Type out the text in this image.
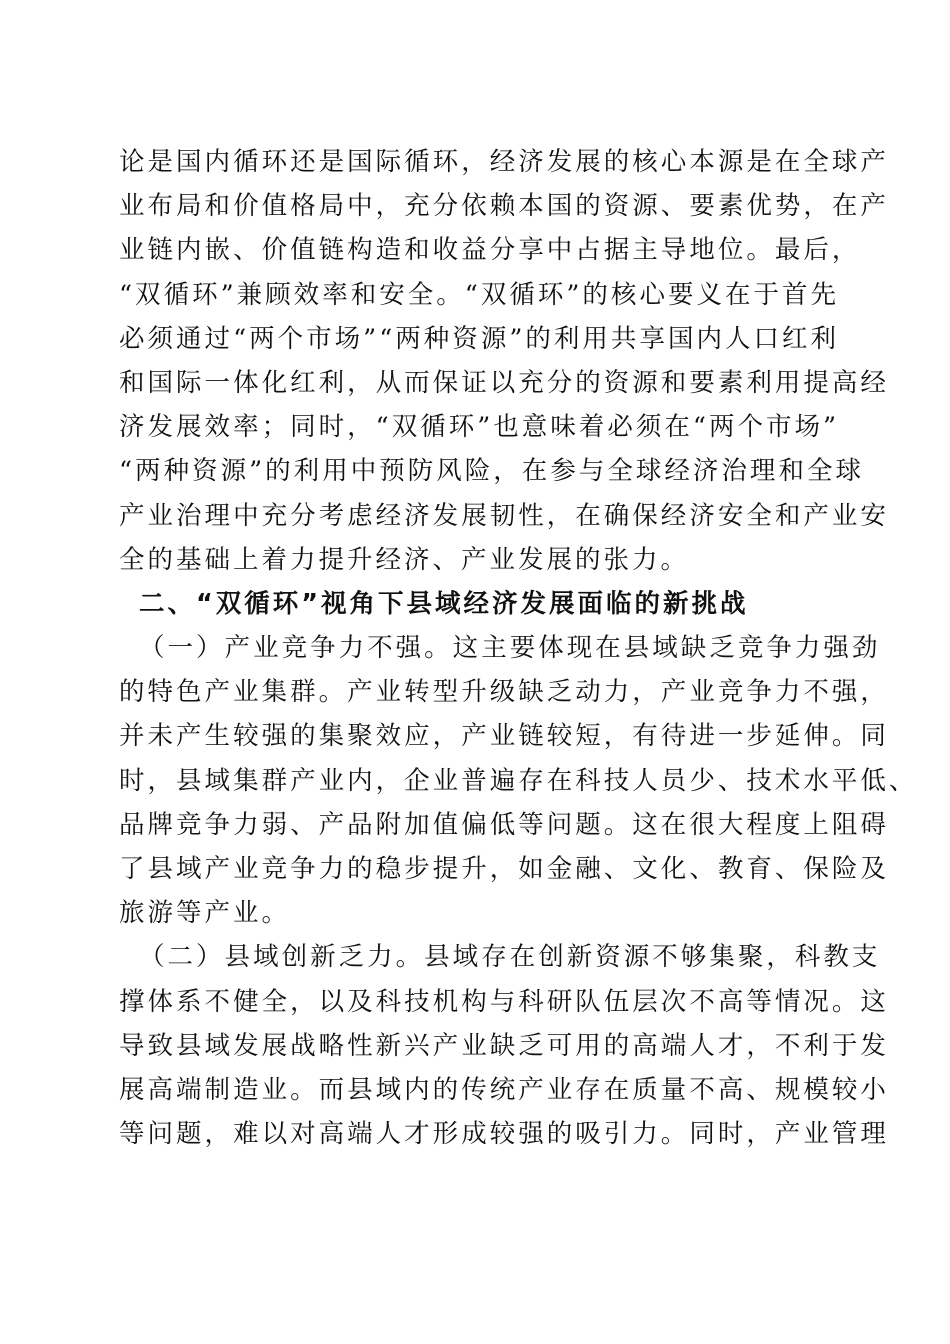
论 是 国 内 循 环 还 是 国 际 循 环 ， 经 济 发 展 的 核 心 本 源 是 在 全 球 产
业 布 局 和 价 值 格 局 中 ， 充 分 依 赖 本 国 的 资 源 、 要 素 优 势 ， 在 产
业 链 内 嵌 、 价 值 链 构 造 和 收 益 分 享 中 占 据 主 导 地 位 。 最 后 ，
“ 双 循 环 ” 兼 顾 效 率 和 安 全 。 “ 双 循 环 ” 的 核 心 要 义 在 于 首 先
必 须 通 过 “ 两 个 市 场 ” “ 两 种 资 源 ” 的 利 用 共 享 国 内 人 口 红 利
和 国 际 一 体 化 红 利 ， 从 而 保 证 以 充 分 的 资 源 和 要 素 利 用 提 高 经
济 发 展 效 率 ； 同 时 ， “ 双 循 环 ” 也 意 味 着 必 须 在 “ 两 个 市 场 ”
“ 两 种 资 源 ” 的 利 用 中 预 防 风 险 ， 在 参 与 全 球 经 济 治 理 和 全 球
产 业 治 理 中 充 分 考 虑 经 济 发 展 韧 性 ， 在 确 保 经 济 安 全 和 产 业 安
全的基础上着力提升经济、产业发展的张力。
二、“双循环”视角下县域经济发展面临的新挑战
（ 一 ） 产 业 竞 争 力 不 强 。 这 主 要 体 现 在 县 域 缺 乏 竞 争 力 强 劲
的 特 色 产 业 集 群 。 产 业 转 型 升 级 缺 乏 动 力 ， 产 业 竞 争 力 不 强 ，
并 未 产 生 较 强 的 集 聚 效 应 ， 产 业 链 较 短 ， 有 待 进 一 步 延 伸 。 同
时 ， 县 域 集 群 产 业 内 ， 企 业 普 遍 存 在 科 技 人 员 少 、 技 术 水 平 低 、
品 牌 竞 争 力 弱 、 产 品 附 加 值 偏 低 等 问 题 。 这 在 很 大 程 度 上 阻 碍
了 县 域 产 业 竞 争 力 的 稳 步 提 升 ， 如 金 融 、 文 化 、 教 育 、 保 险 及
旅游等产业。
（ 二 ） 县 域 创 新 乏 力 。 县 域 存 在 创 新 资 源 不 够 集 聚 ， 科 教 支
撑 体 系 不 健 全 ， 以 及 科 技 机 构 与 科 研 队 伍 层 次 不 高 等 情 况 。 这
导 致 县 域 发 展 战 略 性 新 兴 产 业 缺 乏 可 用 的 高 端 人 才 ， 不 利 于 发
展 高 端 制 造 业 。 而 县 域 内 的 传 统 产 业 存 在 质 量 不 高 、 规 模 较 小
等 问 题 ， 难 以 对 高 端 人 才 形 成 较 强 的 吸 引 力 。 同 时 ， 产 业 管 理
